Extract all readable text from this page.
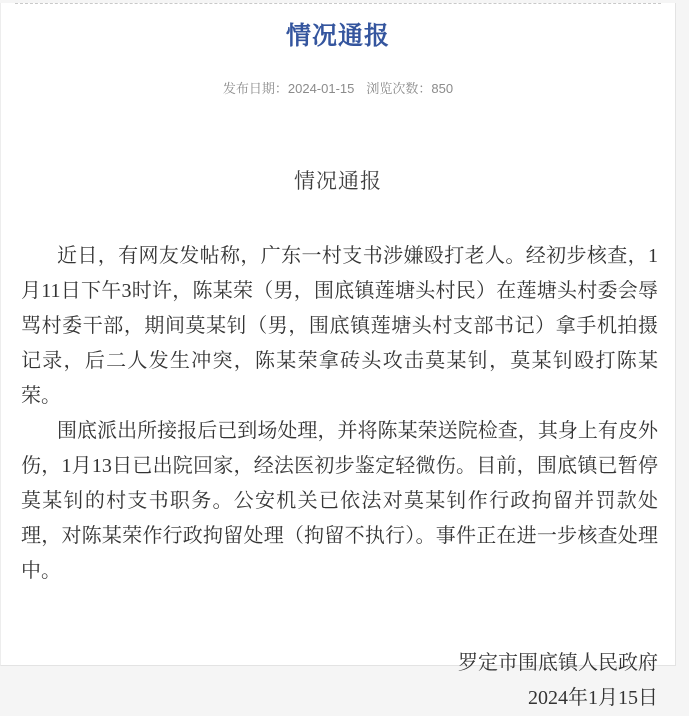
情况通报
发布日期：2024-01-15 浏览次数：850
情况通报

近日，有网友发帖称，广东一村支书涉嫌殴打老人。经初步核查，1月11日下午3时许，陈某荣（男，围底镇莲塘头村民）在莲塘头村委会辱骂村委干部，期间莫某钊（男，围底镇莲塘头村支部书记）拿手机拍摄记录，后二人发生冲突，陈某荣拿砖头攻击莫某钊，莫某钊殴打陈某荣。

围底派出所接报后已到场处理，并将陈某荣送院检查，其身上有皮外伤，1月13日已出院回家，经法医初步鉴定轻微伤。目前，围底镇已暂停莫某钊的村支书职务。公安机关已依法对莫某钊作行政拘留并罚款处理，对陈某荣作行政拘留处理（拘留不执行）。事件正在进一步核查处理中。

罗定市围底镇人民政府
2024年1月15日
